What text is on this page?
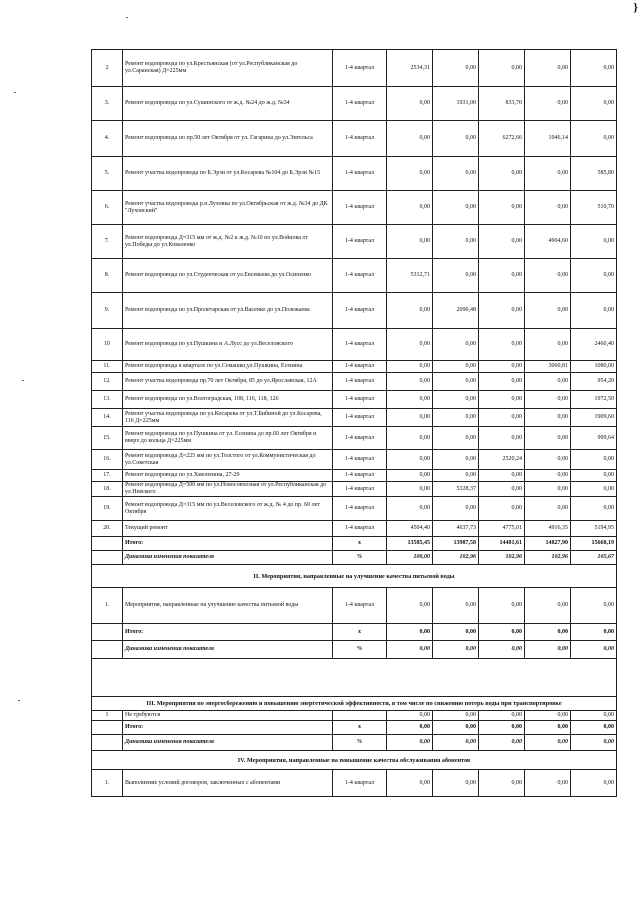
}
2	Ремонт водопровода по ул.Крестьянская (от ул.Республиканская до ул.Саранская) Д=225мм	1-4 квартал	2534,31	0,00	0,00	0,00	0,00
3.	Ремонт водопровода по ул.Сушинского от ж.д. №24 до ж.д. №34	1-4 квартал	0,00	1931,00	833,70	0,00	0,00
4.	Ремонт водопровода по пр.50 лет Октября от ул. Гагарина до ул.Энгельса	1-4 квартал	0,00	0,00	6272,66	1946,14	0,00
5.	Ремонт участка водопровода по Б.Эрзи от ул.Косарева №104 до Б.Эрзи №15	1-4 квартал	0,00	0,00	0,00	0,00	585,80
6.	Ремонт участка водопровода р.п.Луховка по ул.Октябрьская от ж.д. №34 до ДК "Луховский"	1-4 квартал	0,00	0,00	0,00	0,00	510,70
7.	Ремонт водопровода Д=315 мм от ж.д. №2 к ж.д. №10 по ул.Войнова от ул.Победы до ул.Коваленко	1-4 квартал	0,00	0,00	0,00	4904,60	0,00
8.	Ремонт водопровода по ул.Студенческая от ул.Евсевьева до ул.Осипенко	1-4 квартал	5312,71	0,00	0,00	0,00	0,00
9.	Ремонт водопровода по ул.Пролетарская от ул.Васенко до ул.Полежаева	1-4 квартал	0,00	2090,48	0,00	0,00	0,00
10	Ремонт водопровода по ул.Пушкина и А.Лусс до ул.Веселовского	1-4 квартал	0,00	0,00	0,00	0,00	2460,40
11.	Ремонт водопровода в квартале по ул.Семашко,ул.Пушкина, Есенина	1-4 квартал	0,00	0,00	0,00	3060,81	1080,00
12.	Ремонт участка водопровода пр.70 лет Октября, 85 до ул.Ярославская, 12А	1-4 квартал	0,00	0,00	0,00	0,00	954,20
13.	Ремонт водопровода по ул.Волгоградская, 108, 116, 118, 126	1-4 квартал	0,00	0,00	0,00	0,00	1972,50
14.	Ремонт участка водопровода по ул.Косарева от ул.Т.Бибиной до ул.Косарева, 116 Д=225мм	1-4 квартал	0,00	0,00	0,00	0,00	1909,60
15.	Ремонт водопровода по ул.Пушкина от ул. Есенина до пр.60 лет Октября и вверх до кольца Д=225мм	1-4 квартал	0,00	0,00	0,00	0,00	999,64
16.	Ремонт водопровода Д=225 мм по ул.Толстого от ул.Коммунистическая до ул.Советская	1-4 квартал	0,00	0,00	2520,24	0,00	0,00
17.	Ремонт водопровода по ул.Хмеленина, 27-29	1-4 квартал	0,00	0,00	0,00	0,00	0,00
18.	Ремонт водопровода Д=500 мм по ул.Новосовхозная от ул.Республиканская до ул.Невского	1-4 квартал	0,00	5328,37	0,00	0,00	0,00
19.	Ремонт водопровода Д=315 мм по ул.Веселовского от ж.д. № 4 до пр. 60 лет Октября	1-4 квартал	0,00	0,00	0,00	0,00	0,00
20.	Текущий ремонт	1-4 квартал	4504,40	4637,73	4775,01	4916,35	5194,95
	Итого:	х	13585,45	13987,58	14401,61	14827,90	15668,19
	Динамика изменения показателя	%	100,00	102,96	102,96	102,96	105,67
II. Мероприятия, направленные на улучшение качества питьевой воды							
1.	Мероприятия, направленные на улучшение качества питьевой воды	1-4 квартал	0,00	0,00	0,00	0,00	0,00
	Итого:	х	0,00	0,00	0,00	0,00	0,00
	Динамика изменения показателя	%	0,00	0,00	0,00	0,00	0,00

III. Мероприятия по энергосбережению и повышению энергетической эффективности, в том числе по снижению потерь воды при транспортировке							
1	Не требуются		0,00	0,00	0,00	0,00	0,00
	Итого:	х	0,00	0,00	0,00	0,00	0,00
	Динамика изменения показателя	%	0,00	0,00	0,00	0,00	0,00
IV. Мероприятия, направленные на повышение качества обслуживания абонентов							
1.	Выполнение условий договоров, заключенных с абонентами	1-4 квартал	0,00	0,00	0,00	0,00	0,00
